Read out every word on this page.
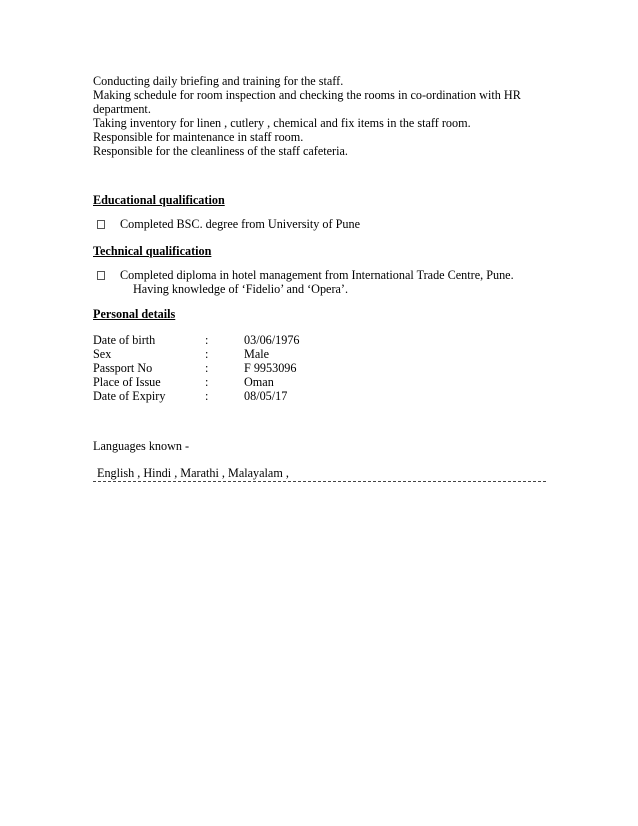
Conducting daily briefing and training for the staff.
Making schedule for room inspection and checking the rooms in co-ordination with HR
department.
Taking inventory for linen , cutlery , chemical and fix items in the staff room.
Responsible for maintenance in staff room.
Responsible for the cleanliness of the staff cafeteria.
Educational qualification
Completed BSC. degree from University of Pune
Technical qualification
Completed diploma in hotel management from International Trade Centre, Pune.
Having knowledge of ‘Fidelio’ and ‘Opera’.
Personal details
Date of birth	:	03/06/1976
Sex	:	Male
Passport No	:	F 9953096
Place of Issue	:	Oman
Date of Expiry	:	08/05/17
Languages known -
English , Hindi , Marathi , Malayalam ,
